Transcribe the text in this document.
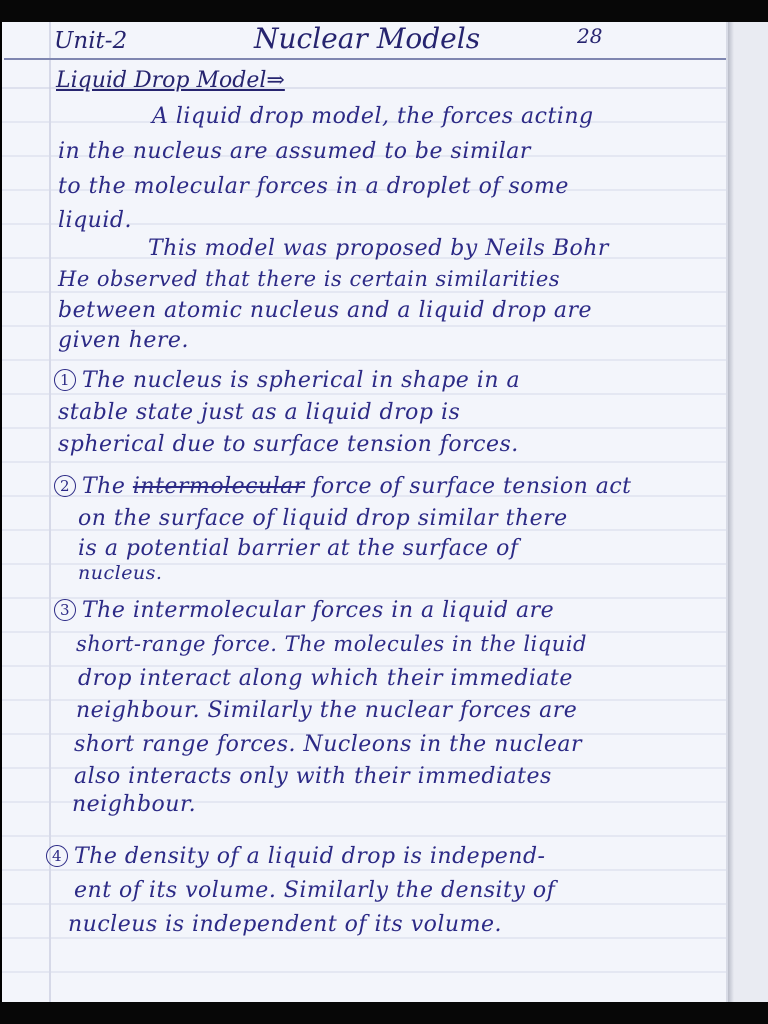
Unit-2	Nuclear Models	28
Liquid Drop Model⇒
A liquid drop model, the forces acting
in the nucleus are assumed to be similar
to the molecular forces in a droplet of some
liquid.
This model was proposed by Neils Bohr
He observed that there is certain similarities
between atomic nucleus and a liquid drop are
given here.
1 The nucleus is spherical in shape in a
stable state just as a liquid drop is
spherical due to surface tension forces.
2 The intermolecular force of surface tension act
on the surface of liquid drop similar there
is a potential barrier at the surface of
nucleus.
3 The intermolecular forces in a liquid are
short-range force. The molecules in the liquid
drop interact along which their immediate
neighbour. Similarly the nuclear forces are
short range forces. Nucleons in the nuclear
also interacts only with their immediates
neighbour.
4 The density of a liquid drop is independ-
ent of its volume. Similarly the density of
nucleus is independent of its volume.
